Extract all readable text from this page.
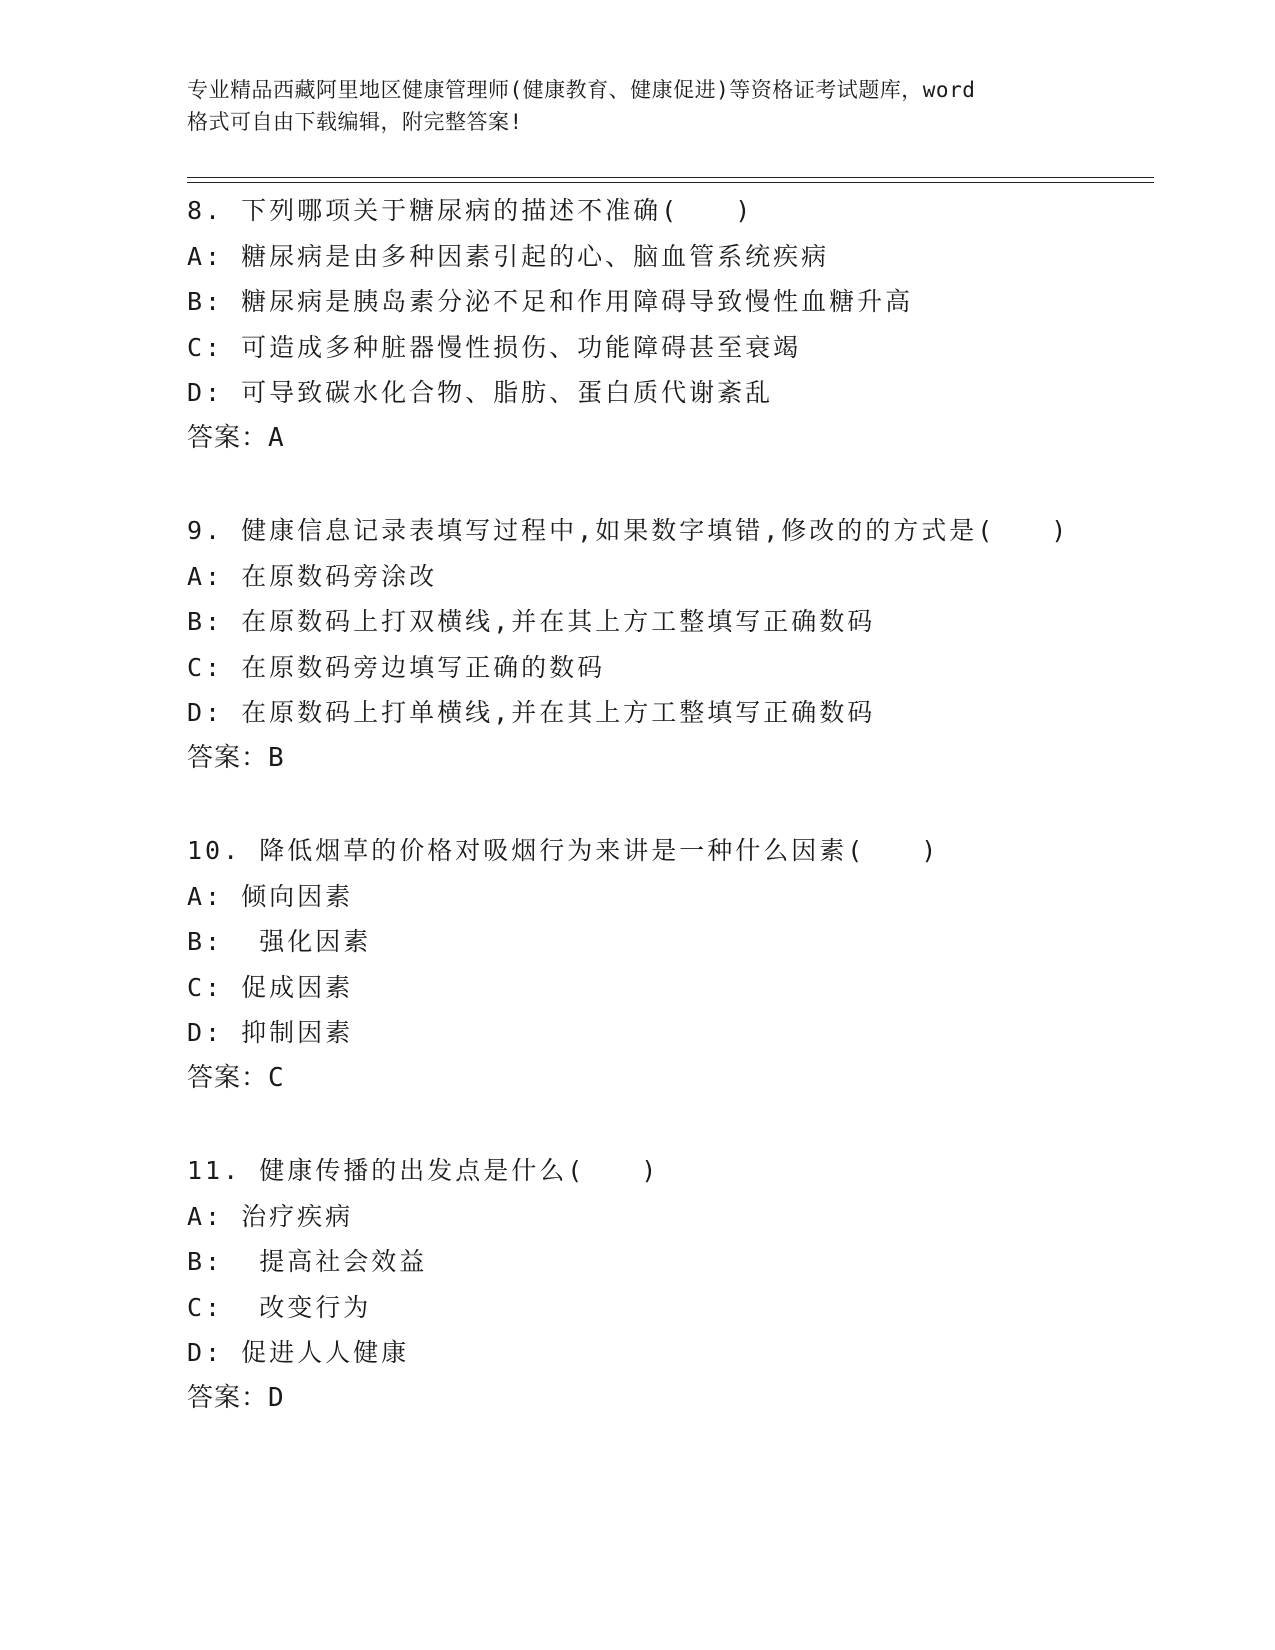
专业精品西藏阿里地区健康管理师(健康教育、健康促进)等资格证考试题库，word
格式可自由下载编辑，附完整答案!
8. 下列哪项关于糖尿病的描述不准确(　　)
A: 糖尿病是由多种因素引起的心、脑血管系统疾病
B: 糖尿病是胰岛素分泌不足和作用障碍导致慢性血糖升高
C: 可造成多种脏器慢性损伤、功能障碍甚至衰竭
D: 可导致碳水化合物、脂肪、蛋白质代谢紊乱
答案：A
9. 健康信息记录表填写过程中,如果数字填错,修改的的方式是(　　)
A: 在原数码旁涂改
B: 在原数码上打双横线,并在其上方工整填写正确数码
C: 在原数码旁边填写正确的数码
D: 在原数码上打单横线,并在其上方工整填写正确数码
答案：B
10. 降低烟草的价格对吸烟行为来讲是一种什么因素(　　)
A: 倾向因素
B:  强化因素
C: 促成因素
D: 抑制因素
答案：C
11. 健康传播的出发点是什么(　　)
A: 治疗疾病
B:  提高社会效益
C:  改变行为
D: 促进人人健康
答案：D
